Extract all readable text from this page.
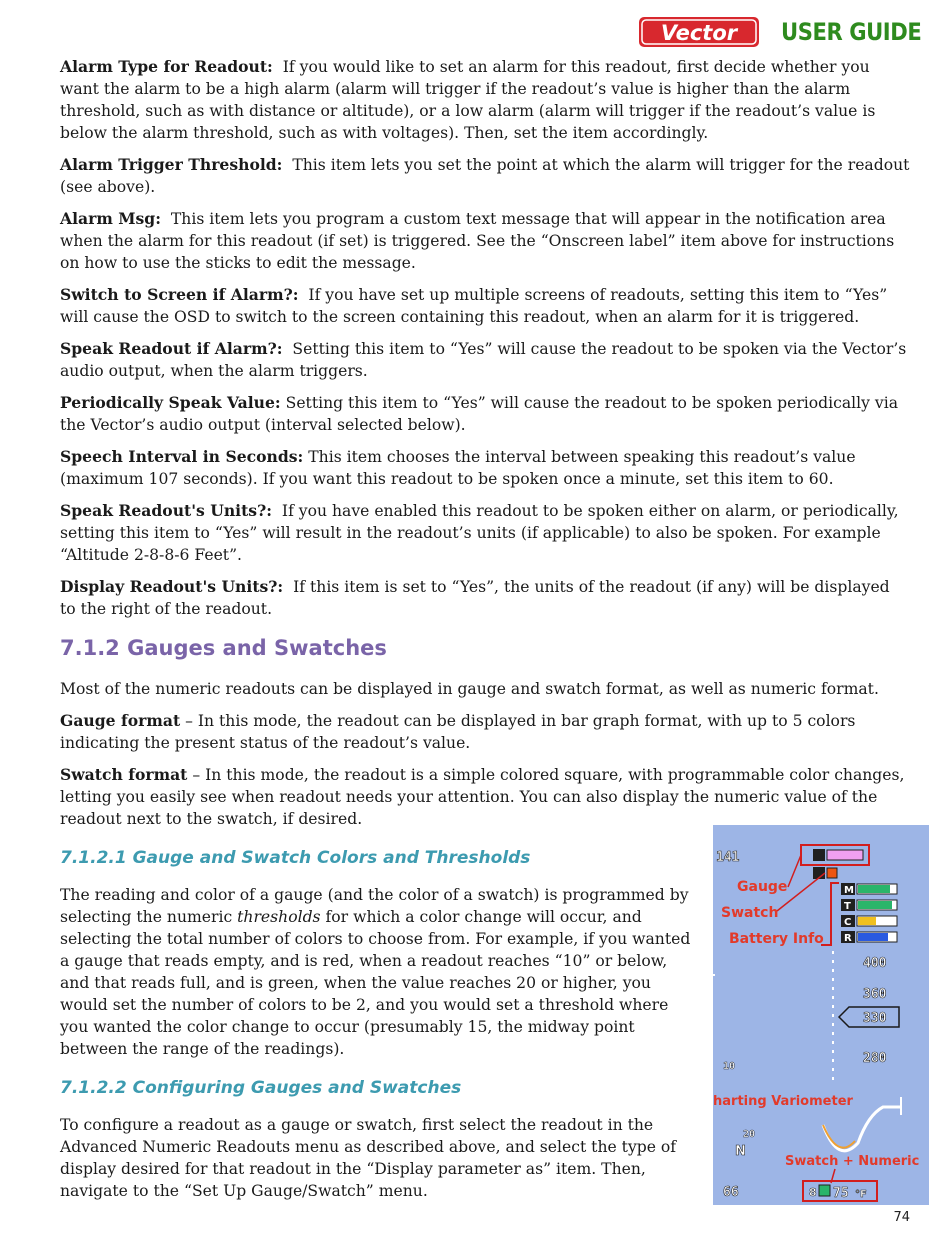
Vector USER GUIDE

Alarm Type for Readout: If you would like to set an alarm for this readout, first decide whether you want the alarm to be a high alarm (alarm will trigger if the readout’s value is higher than the alarm threshold, such as with distance or altitude), or a low alarm (alarm will trigger if the readout’s value is below the alarm threshold, such as with voltages). Then, set the item accordingly.

Alarm Trigger Threshold: This item lets you set the point at which the alarm will trigger for the readout (see above).

Alarm Msg: This item lets you program a custom text message that will appear in the notification area when the alarm for this readout (if set) is triggered. See the “Onscreen label” item above for instructions on how to use the sticks to edit the message.

Switch to Screen if Alarm?: If you have set up multiple screens of readouts, setting this item to “Yes” will cause the OSD to switch to the screen containing this readout, when an alarm for it is triggered.

Speak Readout if Alarm?: Setting this item to “Yes” will cause the readout to be spoken via the Vector’s audio output, when the alarm triggers.

Periodically Speak Value: Setting this item to “Yes” will cause the readout to be spoken periodically via the Vector’s audio output (interval selected below).

Speech Interval in Seconds: This item chooses the interval between speaking this readout’s value (maximum 107 seconds). If you want this readout to be spoken once a minute, set this item to 60.

Speak Readout's Units?: If you have enabled this readout to be spoken either on alarm, or periodically, setting this item to “Yes” will result in the readout’s units (if applicable) to also be spoken. For example “Altitude 2-8-8-6 Feet”.

Display Readout's Units?: If this item is set to “Yes”, the units of the readout (if any) will be displayed to the right of the readout.

7.1.2 Gauges and Swatches

Most of the numeric readouts can be displayed in gauge and swatch format, as well as numeric format.

Gauge format – In this mode, the readout can be displayed in bar graph format, with up to 5 colors indicating the present status of the readout’s value.

Swatch format – In this mode, the readout is a simple colored square, with programmable color changes, letting you easily see when readout needs your attention. You can also display the numeric value of the readout next to the swatch, if desired.

7.1.2.1 Gauge and Swatch Colors and Thresholds

The reading and color of a gauge (and the color of a swatch) is programmed by selecting the numeric thresholds for which a color change will occur, and selecting the total number of colors to choose from. For example, if you wanted a gauge that reads empty, and is red, when a readout reaches “10” or below, and that reads full, and is green, when the value reaches 20 or higher, you would set the number of colors to be 2, and you would set a threshold where you wanted the color change to occur (presumably 15, the midway point between the range of the readings).

7.1.2.2 Configuring Gauges and Swatches

To configure a readout as a gauge or swatch, first select the readout in the Advanced Numeric Readouts menu as described above, and select the type of display desired for that readout in the “Display parameter as” item. Then, navigate to the “Set Up Gauge/Swatch” menu.

141
Gauge
Swatch
Battery Info
M
T
C
R
400
360
330
280
10
harting Variometer
20
N
Swatch + Numeric
8 75 °F
66
74
